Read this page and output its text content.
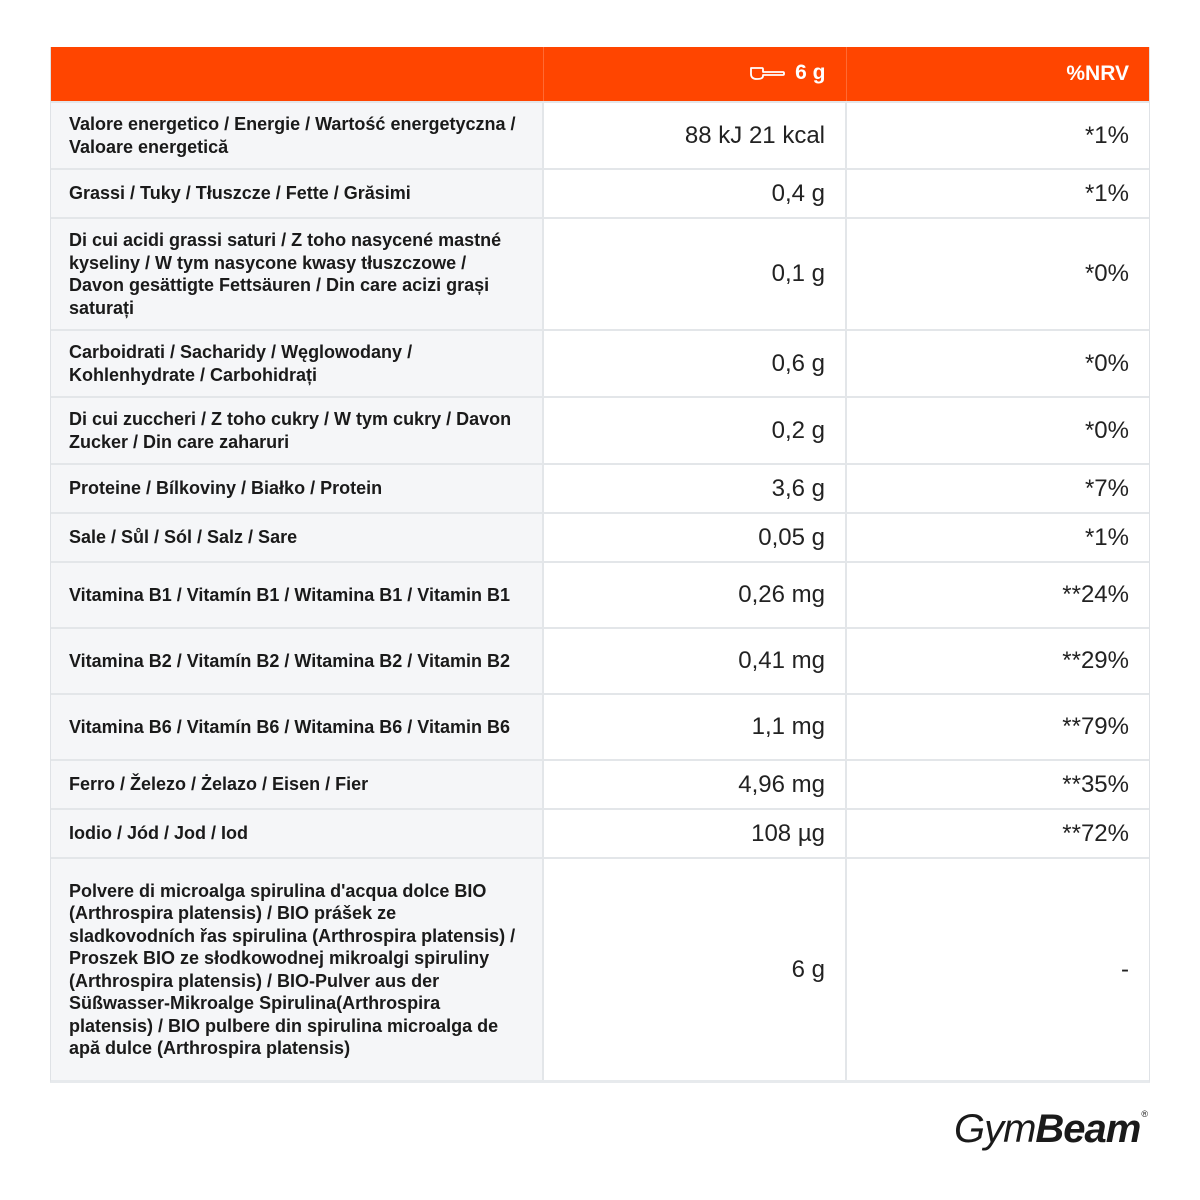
	6 g	%NRV
Valore energetico / Energie / Wartość energetyczna / Valoare energetică	88 kJ 21 kcal	*1%
Grassi / Tuky / Tłuszcze / Fette / Grăsimi	0,4 g	*1%
Di cui acidi grassi saturi / Z toho nasycené mastné kyseliny / W tym nasycone kwasy tłuszczowe / Davon gesättigte Fettsäuren / Din care acizi grași saturați	0,1 g	*0%
Carboidrati / Sacharidy / Węglowodany / Kohlenhydrate / Carbohidrați	0,6 g	*0%
Di cui zuccheri / Z toho cukry / W tym cukry / Davon Zucker / Din care zaharuri	0,2 g	*0%
Proteine / Bílkoviny / Białko / Protein	3,6 g	*7%
Sale / Sůl / Sól / Salz / Sare	0,05 g	*1%
Vitamina B1 / Vitamín B1 / Witamina B1 / Vitamin B1	0,26 mg	**24%
Vitamina B2 / Vitamín B2 / Witamina B2 / Vitamin B2	0,41 mg	**29%
Vitamina B6 / Vitamín B6 / Witamina B6 / Vitamin B6	1,1 mg	**79%
Ferro / Železo / Żelazo / Eisen / Fier	4,96 mg	**35%
Iodio / Jód / Jod / Iod	108 µg	**72%
Polvere di microalga spirulina d'acqua dolce BIO (Arthrospira platensis) / BIO prášek ze sladkovodních řas spirulina (Arthrospira platensis) / Proszek BIO ze słodkowodnej mikroalgi spiruliny (Arthrospira platensis) / BIO-Pulver aus der Süßwasser-Mikroalge Spirulina(Arthrospira platensis) / BIO pulbere din spirulina microalga de apă dulce (Arthrospira platensis)	6 g	-
Gym Beam ®
